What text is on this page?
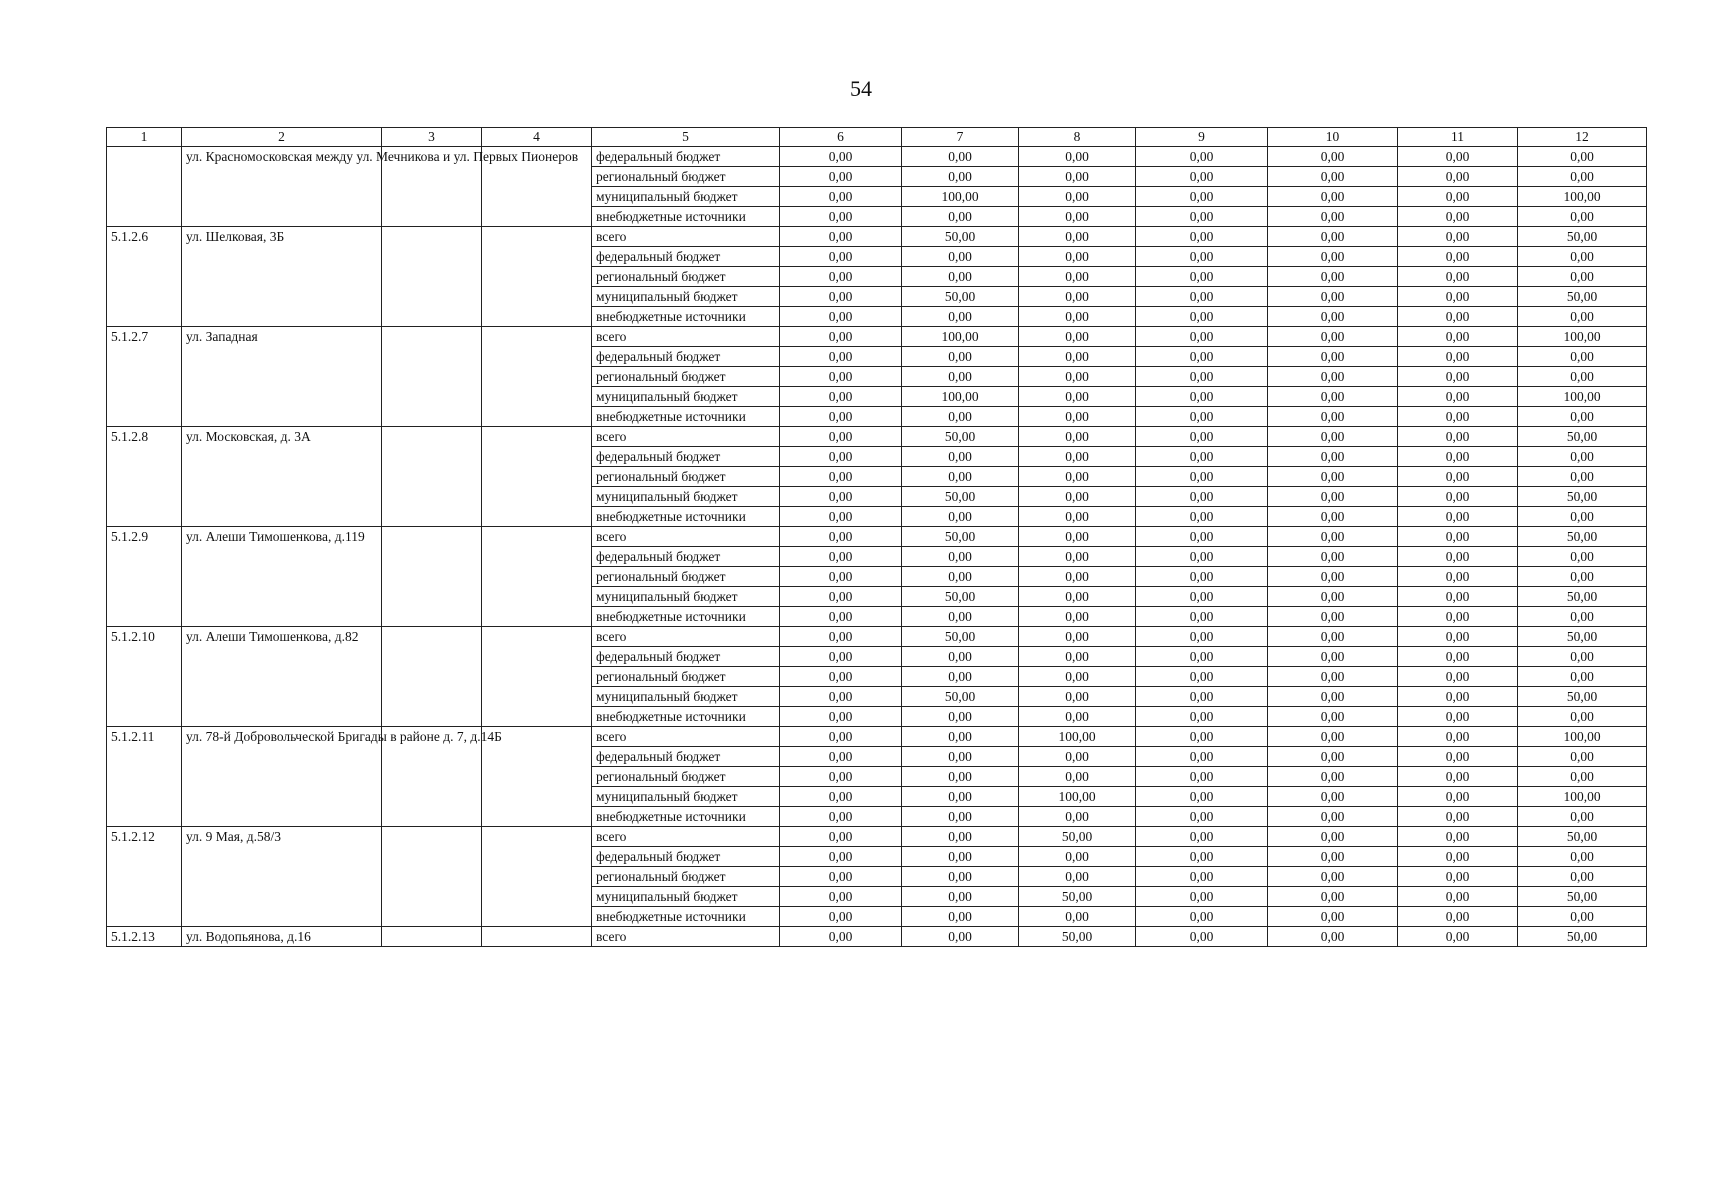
54
1	2	3	4	5	6	7	8	9	10	11	12
	ул. Красномосковская между ул. Мечникова и ул. Первых Пионеров			федеральный бюджет	0,00	0,00	0,00	0,00	0,00	0,00	0,00
				региональный бюджет	0,00	0,00	0,00	0,00	0,00	0,00	0,00
				муниципальный бюджет	0,00	100,00	0,00	0,00	0,00	0,00	100,00
				внебюджетные источники	0,00	0,00	0,00	0,00	0,00	0,00	0,00
5.1.2.6	ул. Шелковая, 3Б			всего	0,00	50,00	0,00	0,00	0,00	0,00	50,00
				федеральный бюджет	0,00	0,00	0,00	0,00	0,00	0,00	0,00
				региональный бюджет	0,00	0,00	0,00	0,00	0,00	0,00	0,00
				муниципальный бюджет	0,00	50,00	0,00	0,00	0,00	0,00	50,00
				внебюджетные источники	0,00	0,00	0,00	0,00	0,00	0,00	0,00
5.1.2.7	ул. Западная			всего	0,00	100,00	0,00	0,00	0,00	0,00	100,00
				федеральный бюджет	0,00	0,00	0,00	0,00	0,00	0,00	0,00
				региональный бюджет	0,00	0,00	0,00	0,00	0,00	0,00	0,00
				муниципальный бюджет	0,00	100,00	0,00	0,00	0,00	0,00	100,00
				внебюджетные источники	0,00	0,00	0,00	0,00	0,00	0,00	0,00
5.1.2.8	ул. Московская, д. 3А			всего	0,00	50,00	0,00	0,00	0,00	0,00	50,00
				федеральный бюджет	0,00	0,00	0,00	0,00	0,00	0,00	0,00
				региональный бюджет	0,00	0,00	0,00	0,00	0,00	0,00	0,00
				муниципальный бюджет	0,00	50,00	0,00	0,00	0,00	0,00	50,00
				внебюджетные источники	0,00	0,00	0,00	0,00	0,00	0,00	0,00
5.1.2.9	ул. Алеши Тимошенкова, д.119			всего	0,00	50,00	0,00	0,00	0,00	0,00	50,00
				федеральный бюджет	0,00	0,00	0,00	0,00	0,00	0,00	0,00
				региональный бюджет	0,00	0,00	0,00	0,00	0,00	0,00	0,00
				муниципальный бюджет	0,00	50,00	0,00	0,00	0,00	0,00	50,00
				внебюджетные источники	0,00	0,00	0,00	0,00	0,00	0,00	0,00
5.1.2.10	ул. Алеши Тимошенкова, д.82			всего	0,00	50,00	0,00	0,00	0,00	0,00	50,00
				федеральный бюджет	0,00	0,00	0,00	0,00	0,00	0,00	0,00
				региональный бюджет	0,00	0,00	0,00	0,00	0,00	0,00	0,00
				муниципальный бюджет	0,00	50,00	0,00	0,00	0,00	0,00	50,00
				внебюджетные источники	0,00	0,00	0,00	0,00	0,00	0,00	0,00
5.1.2.11	ул. 78-й Добровольческой Бригады в районе д. 7, д.14Б			всего	0,00	0,00	100,00	0,00	0,00	0,00	100,00
				федеральный бюджет	0,00	0,00	0,00	0,00	0,00	0,00	0,00
				региональный бюджет	0,00	0,00	0,00	0,00	0,00	0,00	0,00
				муниципальный бюджет	0,00	0,00	100,00	0,00	0,00	0,00	100,00
				внебюджетные источники	0,00	0,00	0,00	0,00	0,00	0,00	0,00
5.1.2.12	ул. 9 Мая, д.58/3			всего	0,00	0,00	50,00	0,00	0,00	0,00	50,00
				федеральный бюджет	0,00	0,00	0,00	0,00	0,00	0,00	0,00
				региональный бюджет	0,00	0,00	0,00	0,00	0,00	0,00	0,00
				муниципальный бюджет	0,00	0,00	50,00	0,00	0,00	0,00	50,00
				внебюджетные источники	0,00	0,00	0,00	0,00	0,00	0,00	0,00
5.1.2.13	ул. Водопьянова, д.16			всего	0,00	0,00	50,00	0,00	0,00	0,00	50,00
